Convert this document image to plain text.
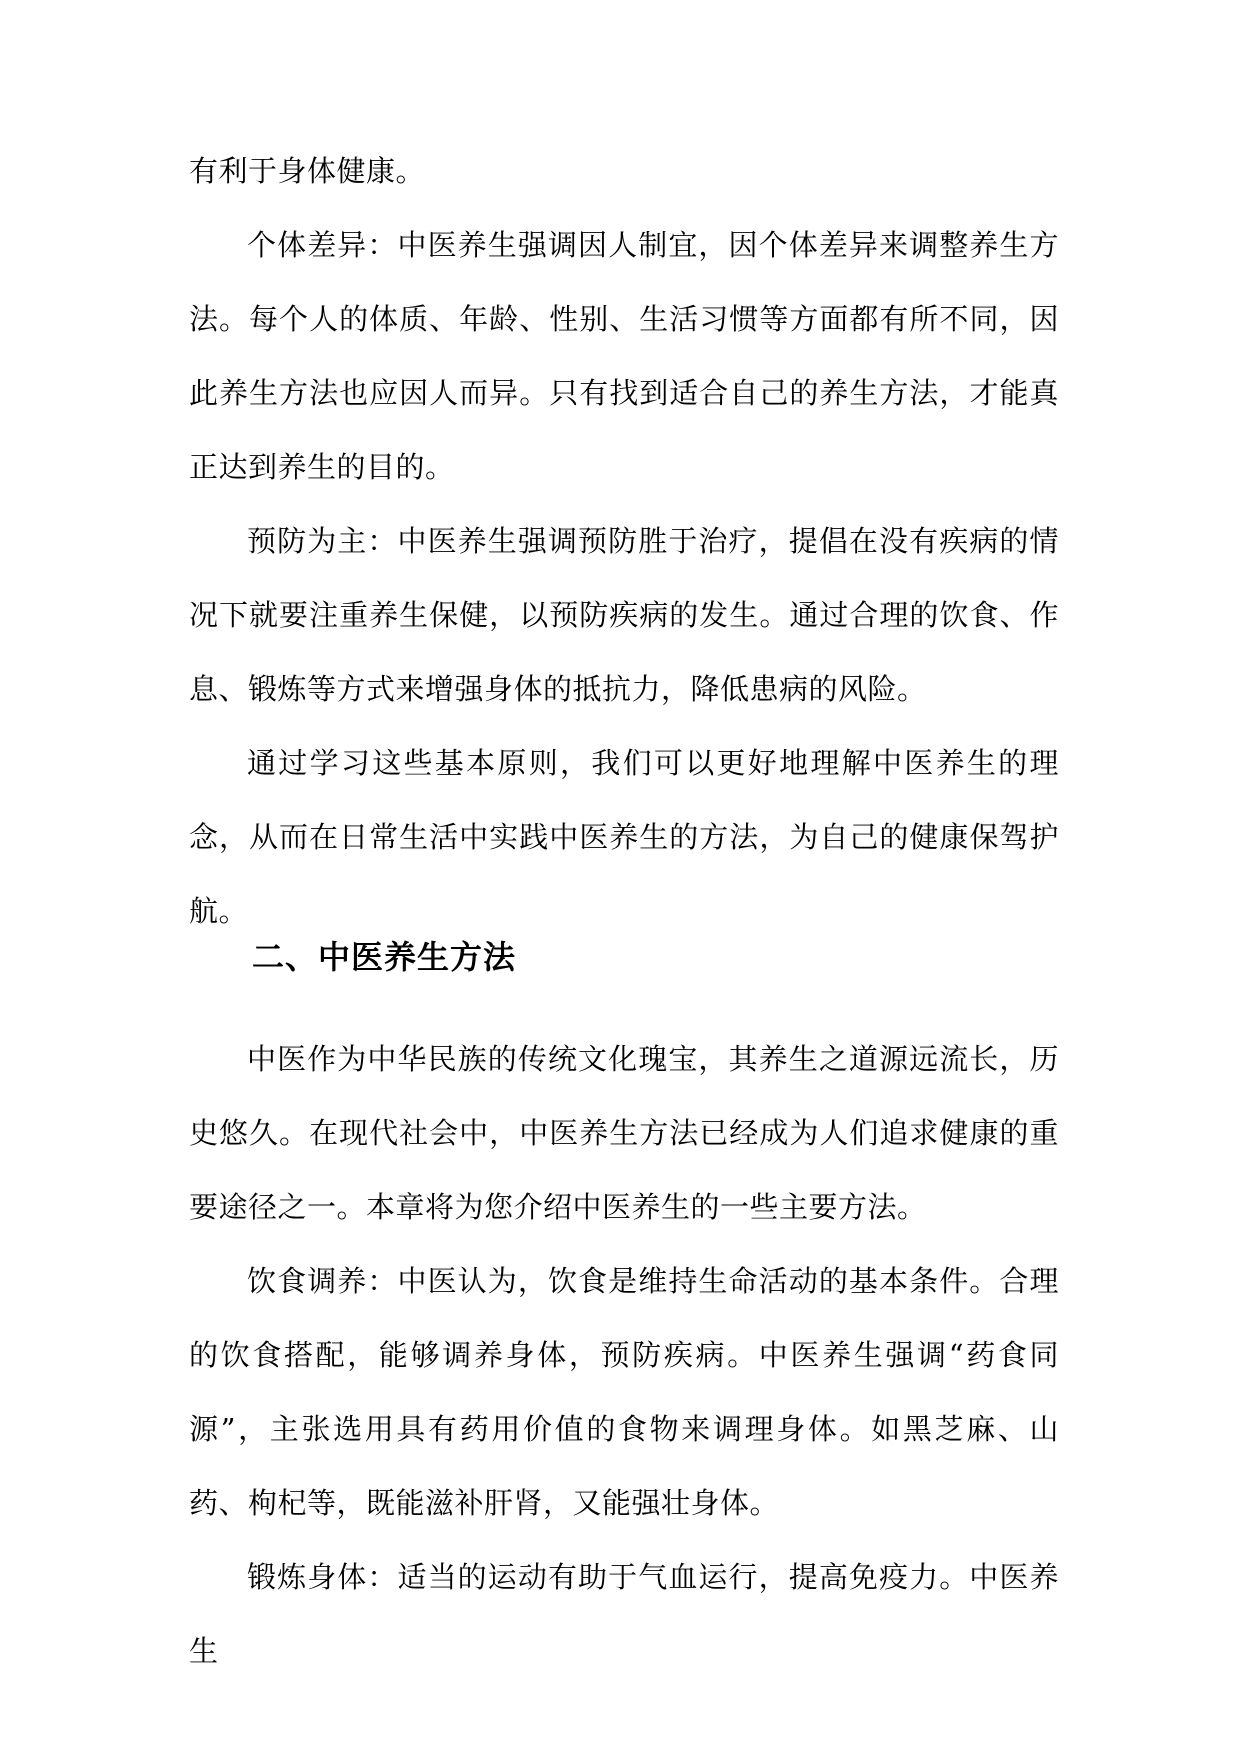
有利于身体健康。

个体差异：中医养生强调因人制宜，因个体差异来调整养生方法。每个人的体质、年龄、性别、生活习惯等方面都有所不同，因此养生方法也应因人而异。只有找到适合自己的养生方法，才能真正达到养生的目的。

预防为主：中医养生强调预防胜于治疗，提倡在没有疾病的情况下就要注重养生保健，以预防疾病的发生。通过合理的饮食、作息、锻炼等方式来增强身体的抵抗力，降低患病的风险。

通过学习这些基本原则，我们可以更好地理解中医养生的理念，从而在日常生活中实践中医养生的方法，为自己的健康保驾护航。

二、中医养生方法

中医作为中华民族的传统文化瑰宝，其养生之道源远流长，历史悠久。在现代社会中，中医养生方法已经成为人们追求健康的重要途径之一。本章将为您介绍中医养生的一些主要方法。

饮食调养：中医认为，饮食是维持生命活动的基本条件。合理的饮食搭配，能够调养身体，预防疾病。中医养生强调“药食同源”，主张选用具有药用价值的食物来调理身体。如黑芝麻、山药、枸杞等，既能滋补肝肾，又能强壮身体。

锻炼身体：适当的运动有助于气血运行，提高免疫力。中医养生
